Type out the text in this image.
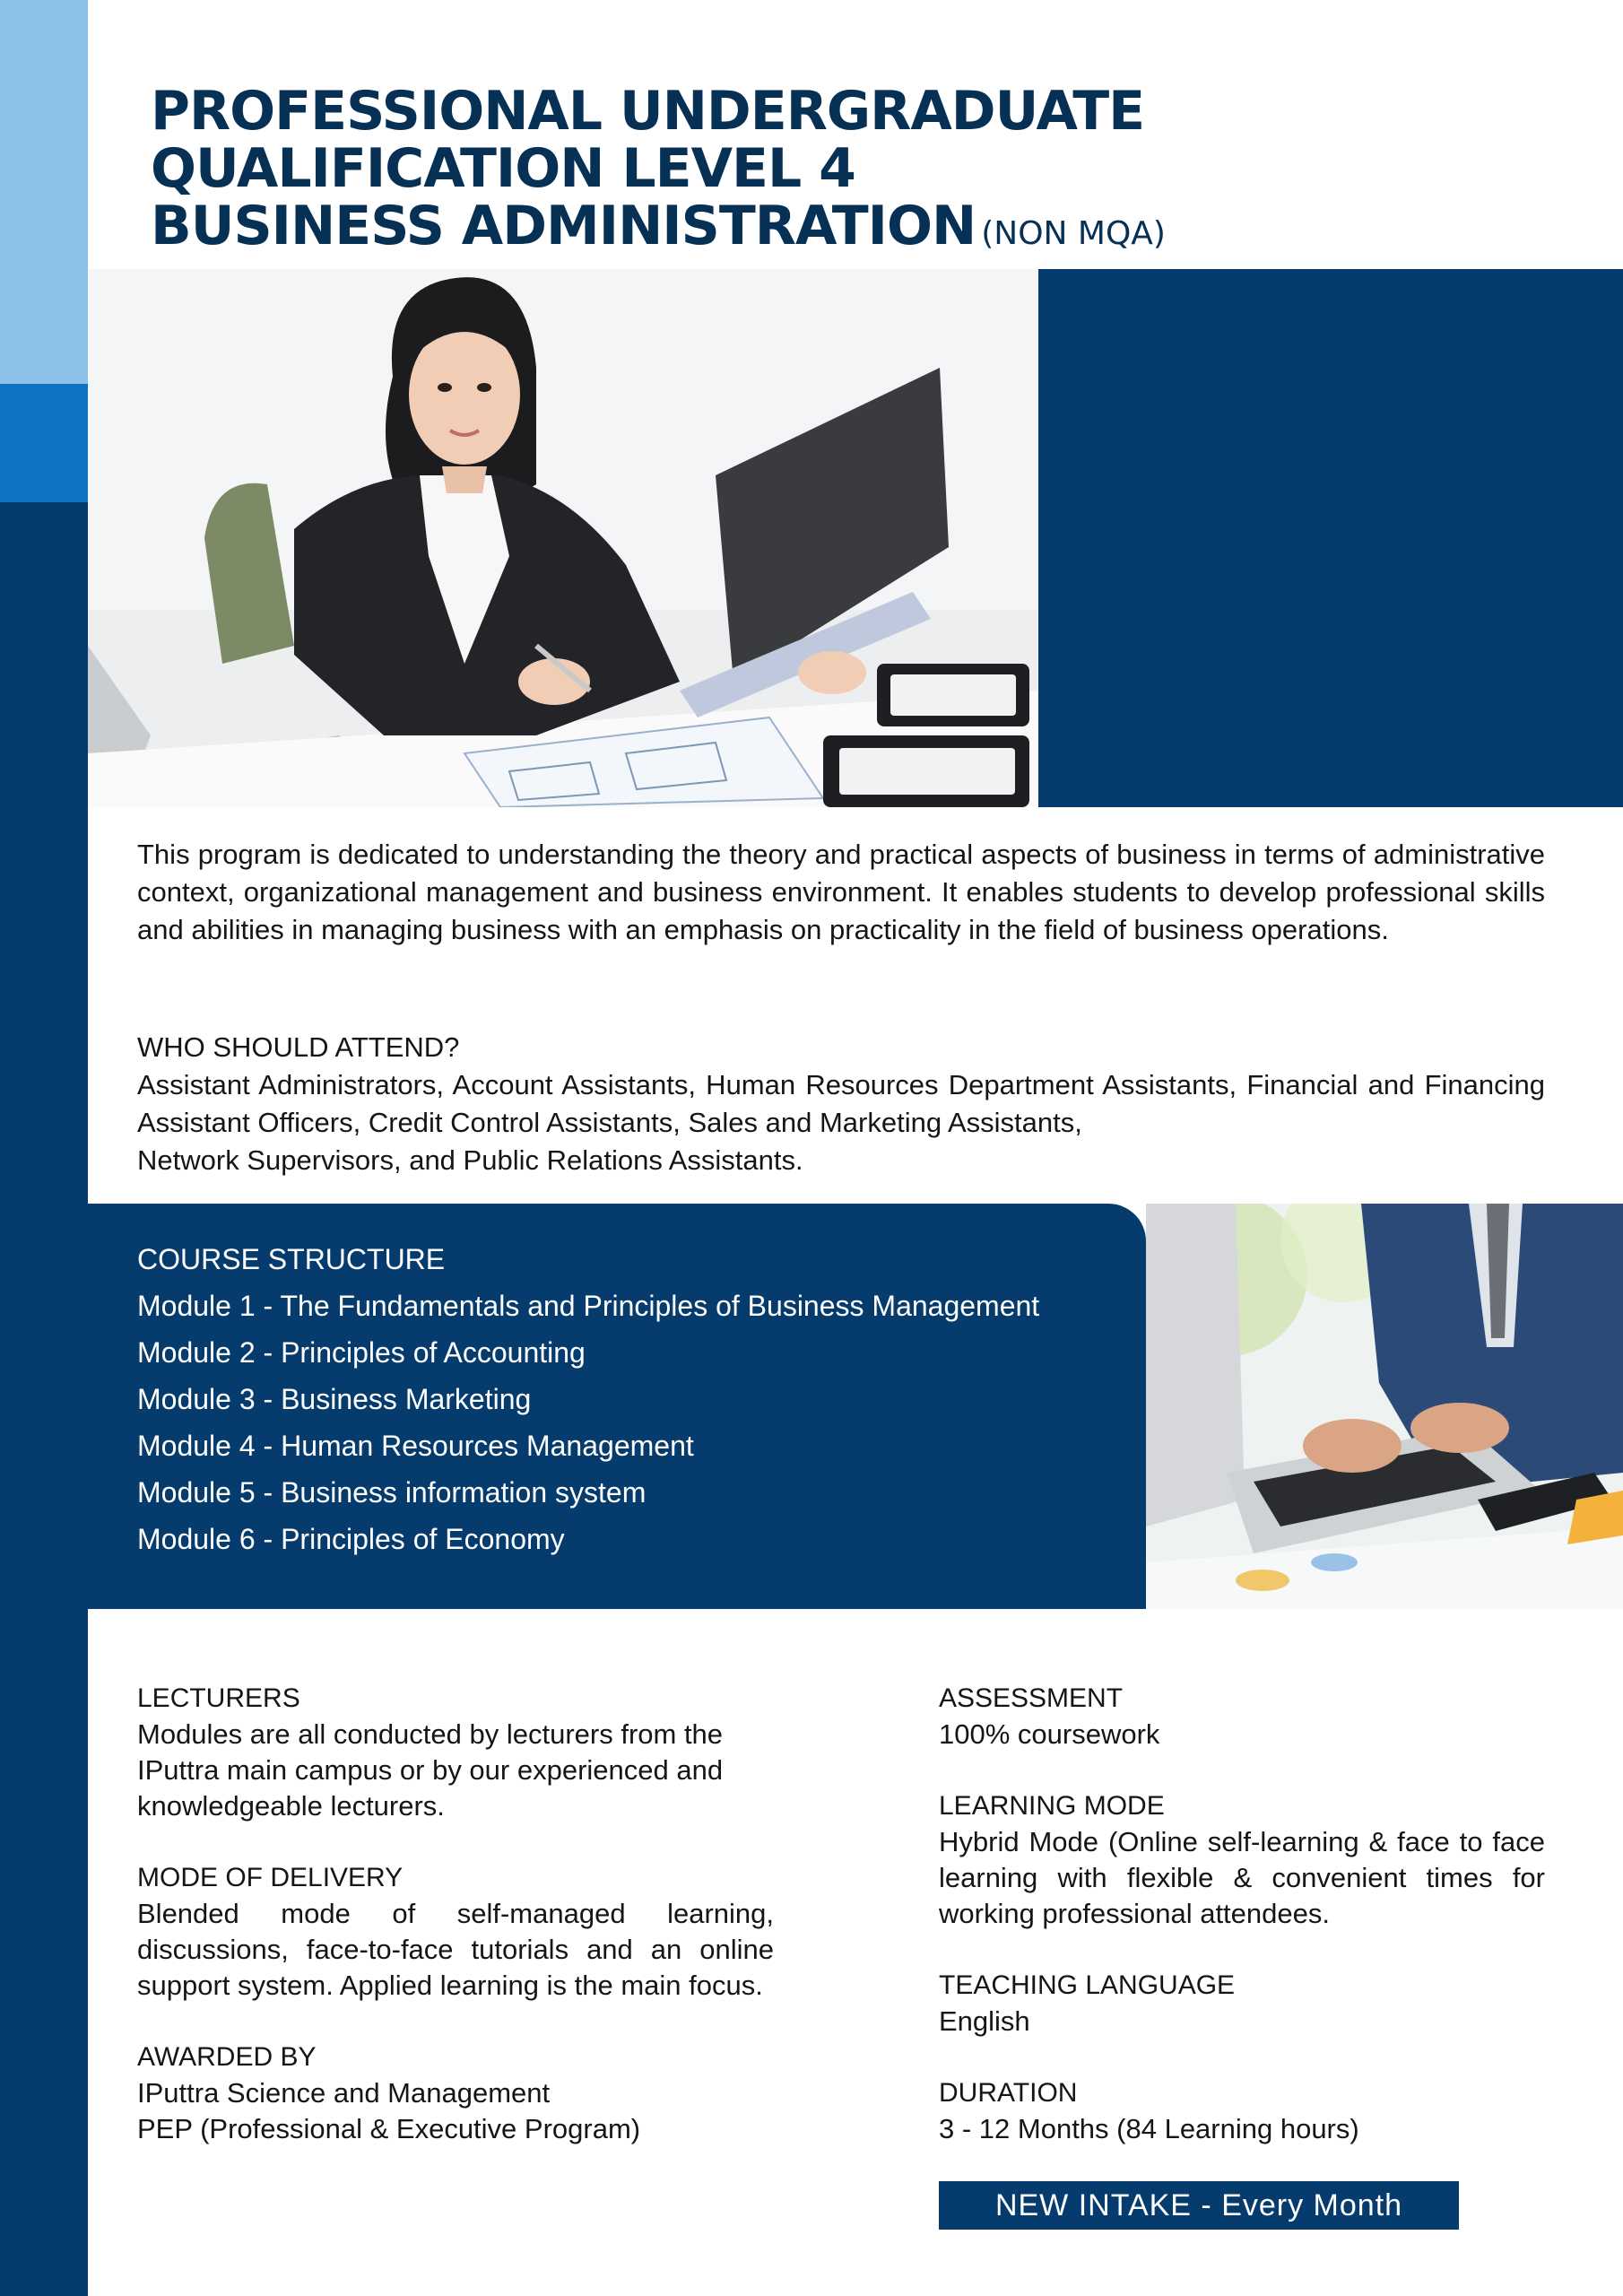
PROFESSIONAL UNDERGRADUATE
QUALIFICATION LEVEL 4
BUSINESS ADMINISTRATION (NON MQA)
This program is dedicated to understanding the theory and practical aspects of business in terms of administrative context, organizational management and business environment. It enables students to develop professional skills and abilities in managing business with an emphasis on practicality in the field of business operations.
WHO SHOULD ATTEND?
Assistant Administrators, Account Assistants, Human Resources Department Assistants, Financial and Financing Assistant Officers, Credit Control Assistants, Sales and Marketing Assistants,
Network Supervisors, and Public Relations Assistants.
COURSE STRUCTURE
Module 1 - The Fundamentals and Principles of Business Management
Module 2 - Principles of Accounting
Module 3 - Business Marketing
Module 4 - Human Resources Management
Module 5 - Business information system
Module 6 - Principles of Economy
LECTURERS
Modules are all conducted by lecturers from the IPuttra main campus or by our experienced and knowledgeable lecturers.
MODE OF DELIVERY
Blended mode of self-managed learning, discussions, face-to-face tutorials and an online support system. Applied learning is the main focus.
AWARDED BY
IPuttra Science and Management
PEP (Professional & Executive Program)
ASSESSMENT
100% coursework
LEARNING MODE
Hybrid Mode (Online self-learning & face to face learning with flexible & convenient times for working professional attendees.
TEACHING LANGUAGE
English
DURATION
3 - 12 Months (84 Learning hours)
NEW INTAKE - Every Month
